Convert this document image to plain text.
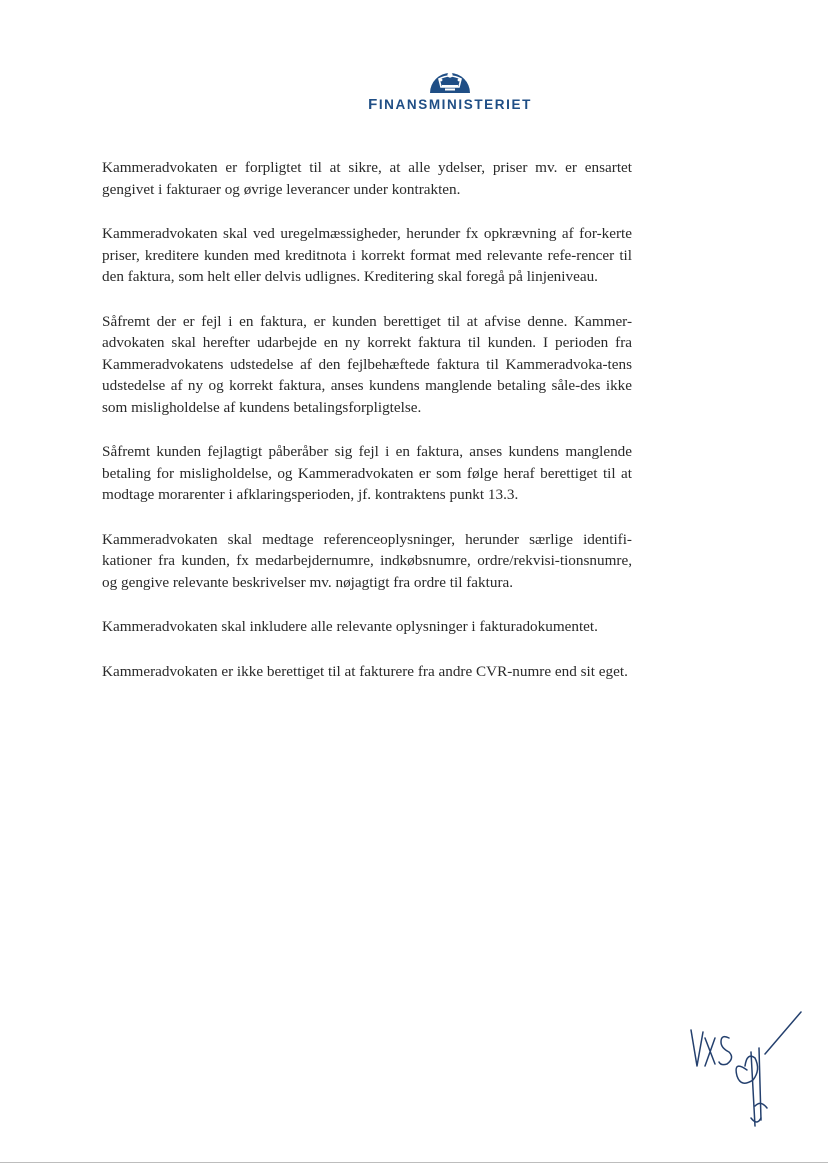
FINANSMINISTERIET

Kammeradvokaten er forpligtet til at sikre, at alle ydelser, priser mv. er ensartet gengivet i fakturaer og øvrige leverancer under kontrakten.

Kammeradvokaten skal ved uregelmæssigheder, herunder fx opkrævning af for-kerte priser, kreditere kunden med kreditnota i korrekt format med relevante refe-rencer til den faktura, som helt eller delvis udlignes. Kreditering skal foregå på linjeniveau.

Såfremt der er fejl i en faktura, er kunden berettiget til at afvise denne. Kammer-advokaten skal herefter udarbejde en ny korrekt faktura til kunden. I perioden fra Kammeradvokatens udstedelse af den fejlbehæftede faktura til Kammeradvoka-tens udstedelse af ny og korrekt faktura, anses kundens manglende betaling såle-des ikke som misligholdelse af kundens betalingsforpligtelse.

Såfremt kunden fejlagtigt påberåber sig fejl i en faktura, anses kundens manglende betaling for misligholdelse, og Kammeradvokaten er som følge heraf berettiget til at modtage morarenter i afklaringsperioden, jf. kontraktens punkt 13.3.

Kammeradvokaten skal medtage referenceoplysninger, herunder særlige identifi-kationer fra kunden, fx medarbejdernumre, indkøbsnumre, ordre/rekvisi-tionsnumre, og gengive relevante beskrivelser mv. nøjagtigt fra ordre til faktura.

Kammeradvokaten skal inkludere alle relevante oplysninger i fakturadokumentet.

Kammeradvokaten er ikke berettiget til at fakturere fra andre CVR-numre end sit eget.
